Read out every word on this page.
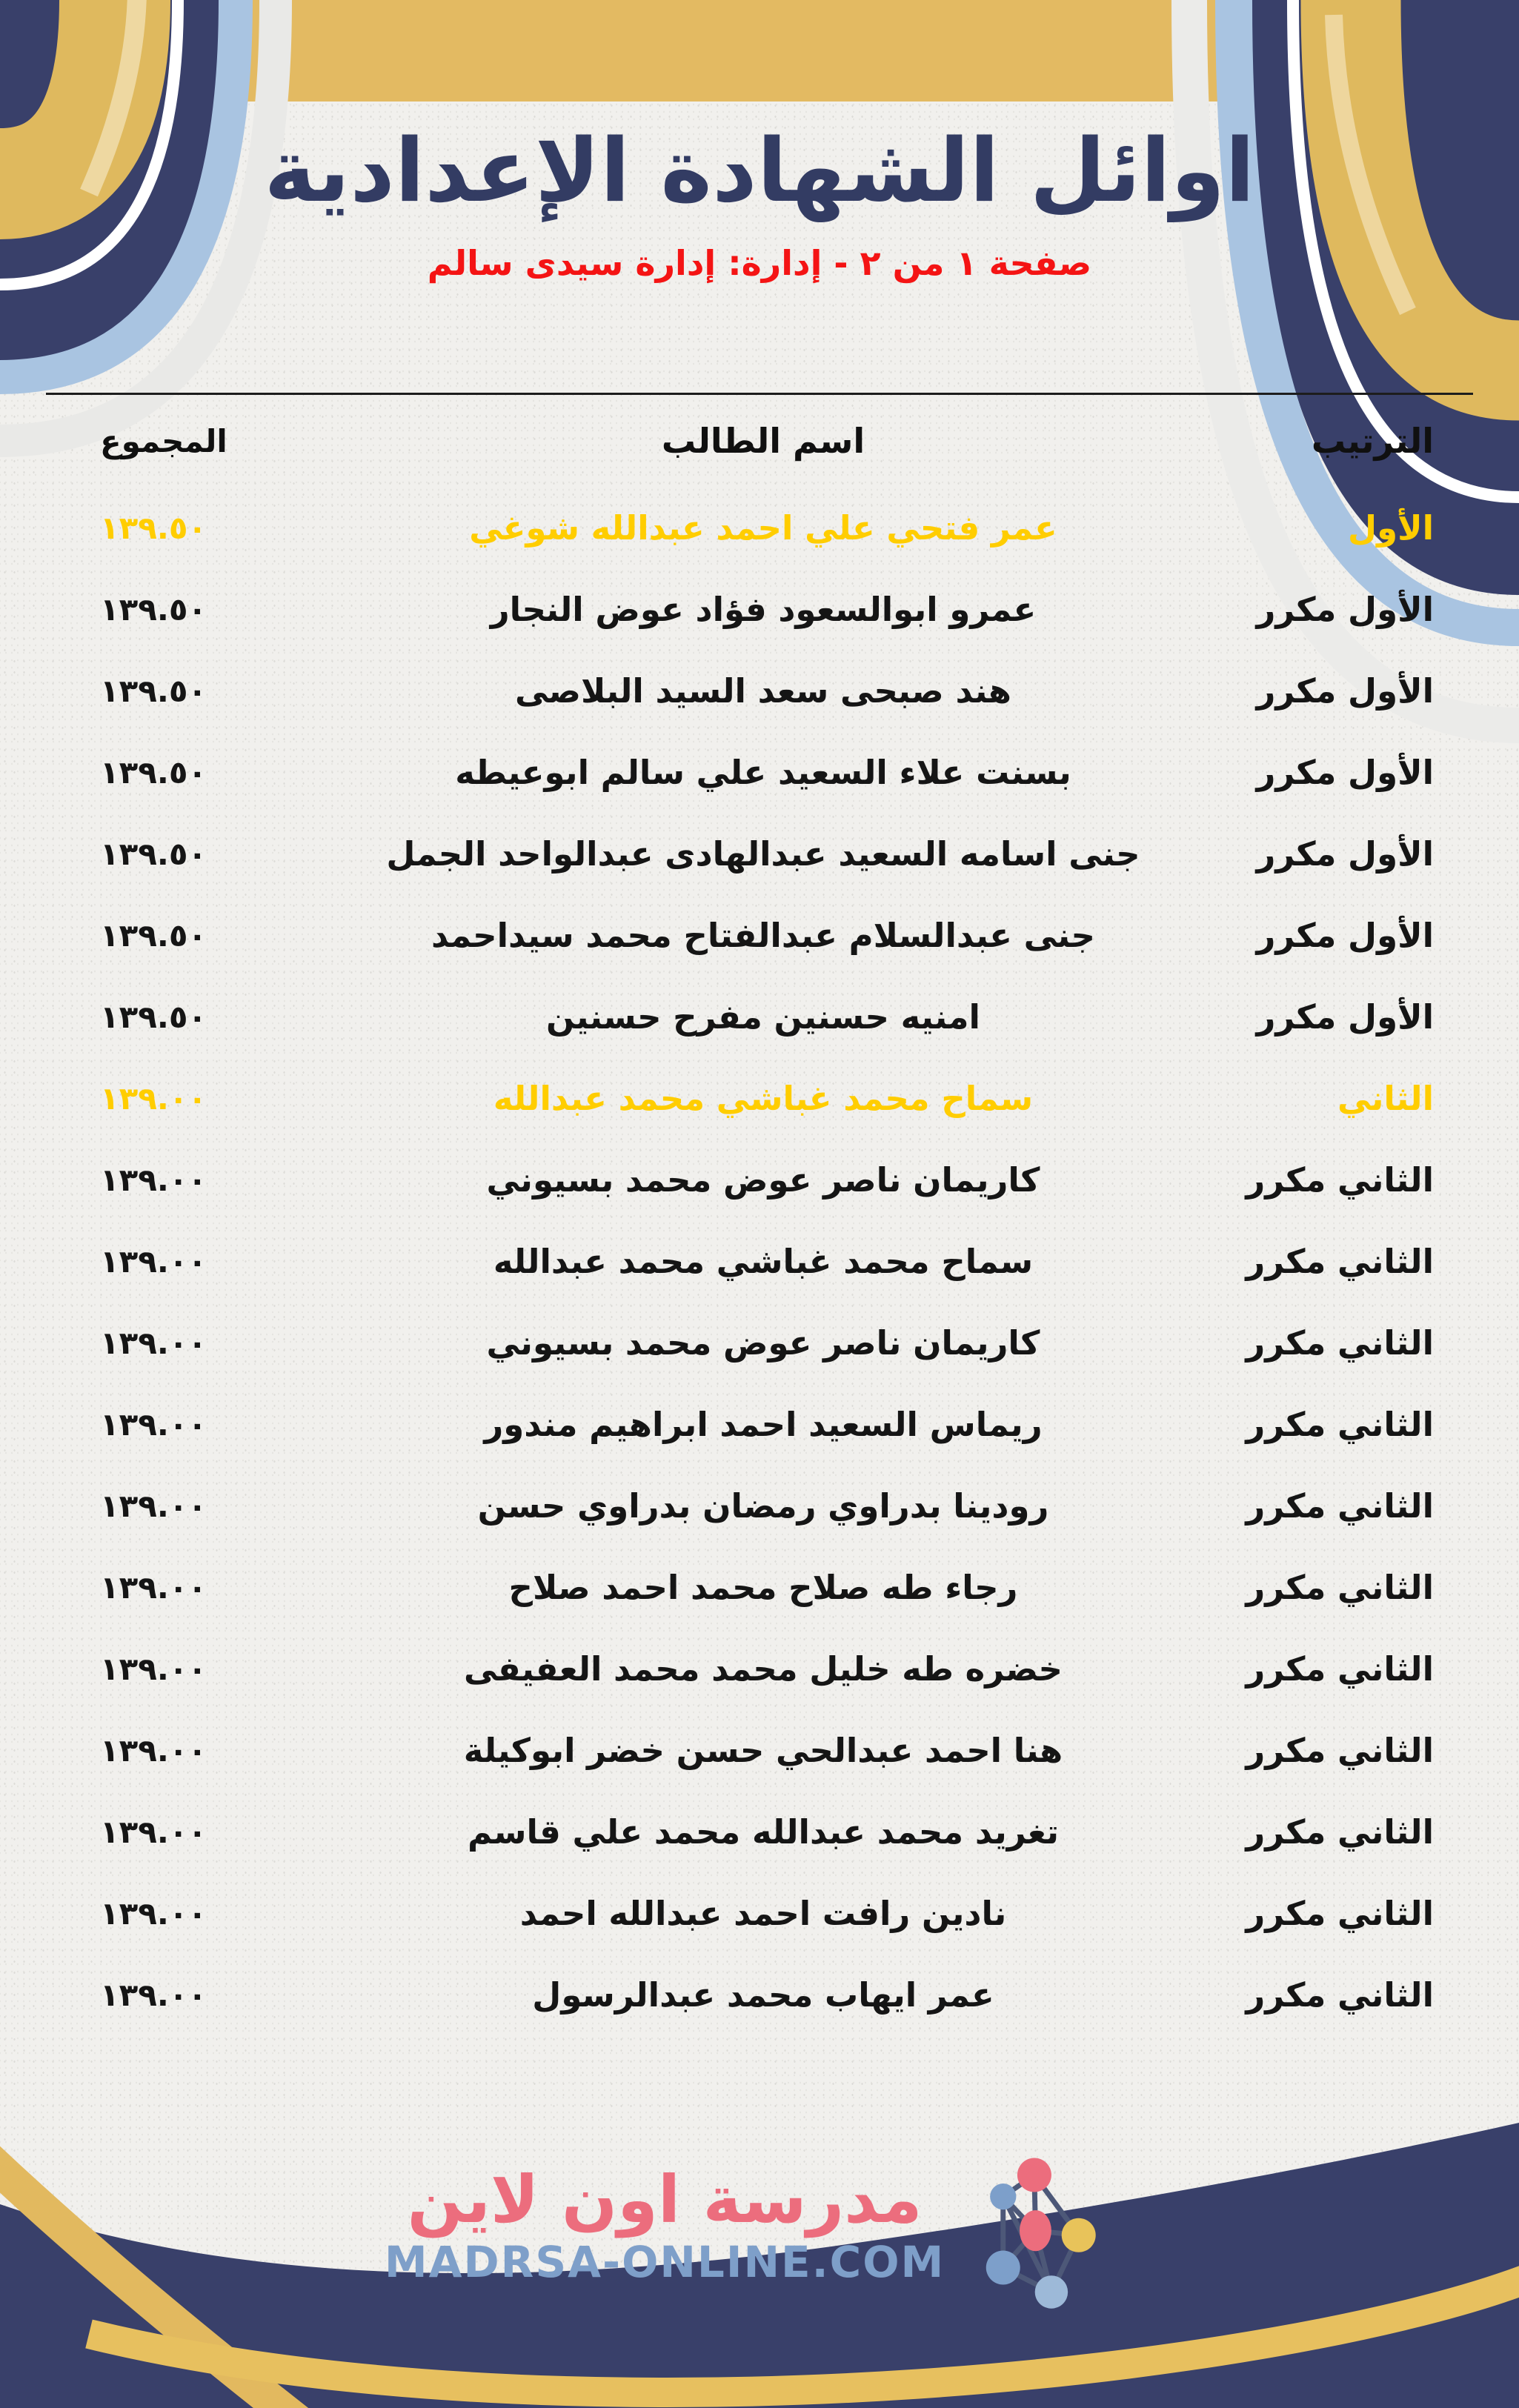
اوائل الشهادة الإعدادية
صفحة ١ من ٢ - إدارة: إدارة سيدى سالم
الترتيب
اسم الطالب
المجموع
الأول
عمر فتحي علي احمد عبدالله شوغي
١٣٩.٥٠
الأول مكرر
عمرو ابوالسعود فؤاد عوض النجار
١٣٩.٥٠
الأول مكرر
هند صبحى سعد السيد البلاصى
١٣٩.٥٠
الأول مكرر
بسنت علاء السعيد علي سالم ابوعيطه
١٣٩.٥٠
الأول مكرر
جنى اسامه السعيد عبدالهادى عبدالواحد الجمل
١٣٩.٥٠
الأول مكرر
جنى عبدالسلام عبدالفتاح محمد سيداحمد
١٣٩.٥٠
الأول مكرر
امنيه حسنين مفرح حسنين
١٣٩.٥٠
الثاني
سماح محمد غباشي محمد عبدالله
١٣٩.٠٠
الثاني مكرر
كاريمان ناصر عوض محمد بسيوني
١٣٩.٠٠
الثاني مكرر
سماح محمد غباشي محمد عبدالله
١٣٩.٠٠
الثاني مكرر
كاريمان ناصر عوض محمد بسيوني
١٣٩.٠٠
الثاني مكرر
ريماس السعيد احمد ابراهيم مندور
١٣٩.٠٠
الثاني مكرر
رودينا بدراوي رمضان بدراوي حسن
١٣٩.٠٠
الثاني مكرر
رجاء طه صلاح محمد احمد صلاح
١٣٩.٠٠
الثاني مكرر
خضره طه خليل محمد محمد العفيفى
١٣٩.٠٠
الثاني مكرر
هنا احمد عبدالحي حسن خضر ابوكيلة
١٣٩.٠٠
الثاني مكرر
تغريد محمد عبدالله محمد علي قاسم
١٣٩.٠٠
الثاني مكرر
نادين رافت احمد عبدالله احمد
١٣٩.٠٠
الثاني مكرر
عمر ايهاب محمد عبدالرسول
١٣٩.٠٠
مدرسة اون لاين
MADRSA-ONLINE.COM
